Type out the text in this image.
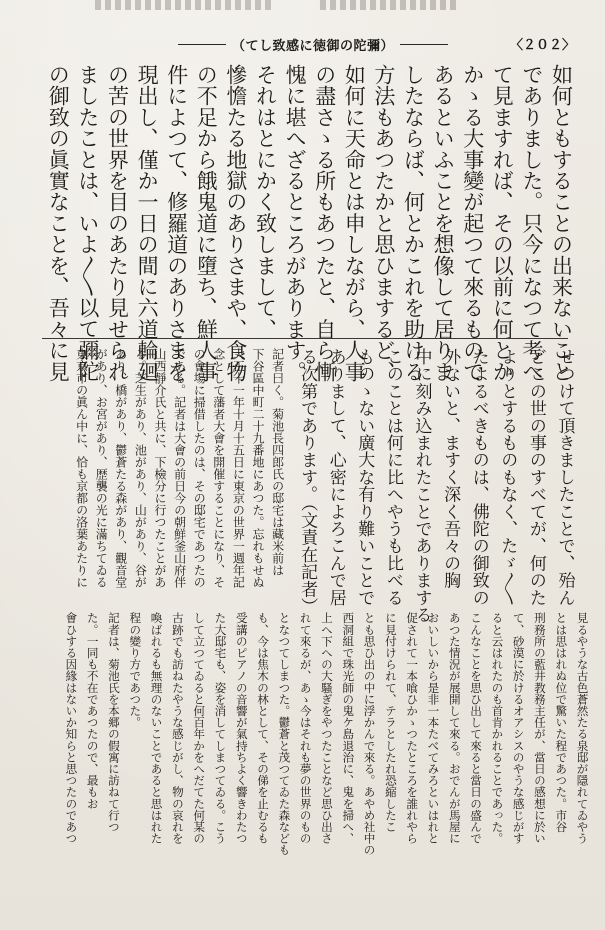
（てし致感に徳御の陀彌）	〈２０２〉
如何ともすることの出来ないこと
でありました。只今になつて考へ
て見ますれば、その以前に何とか
かゝる大事變が起つて來るもので
あるといふことを想像して居りま
したならば、何とかこれを助ける
方法もあつたかと思ひまするど、
如何に天命とは申しながら、人事
の盡さゝる所もあつたと、自ら慚
愧に堪へざるところがあります。
それはとにかく致しまして、
慘憺たる地獄のありさまや、食物
の不足から餓鬼道に墮ち、鮮人事
件によつて、修羅道のありさまを
現出し、僅か一日の間に六道輪廻
の苦の世界を目のあたり見せられ
ましたことは、いよ〳〵以て彌陀
の御致の眞實なことを、吾々に見
せつけて頂きましたことで、殆ん
どこの世の事のすべてが、何のた
よりとするものもなく、たゞ〳〵
たよるべきものは、佛陀の御致の
外ないと、ますく深く吾々の胸
中に刻み込まれたことでありまする
このことは何に比へやうも比べる
ものゝない廣大な有り難いことで
ありまして、心密によろこんで居
る次第であります。（文責在記者）
記者曰く。菊池長四郎氏の邸宅は藏米前は
下谷區中町二十九番地にあつた。忘れもせぬ
大正十一年十月十五日に東京の世界一週年記
念として藩者大會を開催することになり、そ
の會場に掃借したのは、その邸宅であつたの
である。記者は大會の前日今の朝鮮釜山府伴
山西靜介氏と共に、下檢分に行つたことがあ
る。芝生があり、池があり、山があり、谷が
あり、橋があり、鬱蒼たる森があり、觀音堂
があり、お宮があり、歴襲の光に滿ちてゐる
東京市の眞ん中に、恰も京都の洛葉あたりに
見るやうな古色蒼然たる泉邸が隱れてゐやう
とは思はれぬ位で驚いた程であつた。市谷
刑務所の藍井教務主任が、當日の感想に於い
て、砂漠に於けるオアシスのやうな感じがす
ると云はれたのも首肯かれることであった。
こんなことを思ひ出して來ると當日の盛んで
あつた情況が展開して來る。おでんが馬屋に
おいしいから是非一本たべてみろといはれと
促されて一本喰ひかゝつたところを誰れやら
に見付けられて、テラとしたれ恐縮したこ
とも思ひ出の中に浮かんで來る。あやめ社中の
西洞組で珠光師の鬼ケ島退治に、鬼を掃へ、
上へ下への大騷ぎをやつたことなど思ひ出さ
れて來るが、あゝ今はそれも夢の世界のもの
となつてしまつた。鬱蒼と茂つてゐた森なども
も、今は焦木の林として、その俤を止むるも
受講のピアノの音響が氣持ちよく響きわたつ
た大邸宅も、姿を消してしまつてゐる。こう
して立つてゐると何百年かをへだてた何某の
古跡でも訪ねたやうな感じがし、物の哀れを
喚ばれるも無理のないことであると思はれた
程の變り方であつた。
記者は、菊池氏を本郷の假寓に訪ねて行つ
た。一同も不在であつたので、最もお
會ひする因緣はないか知らと思つたのであつ
